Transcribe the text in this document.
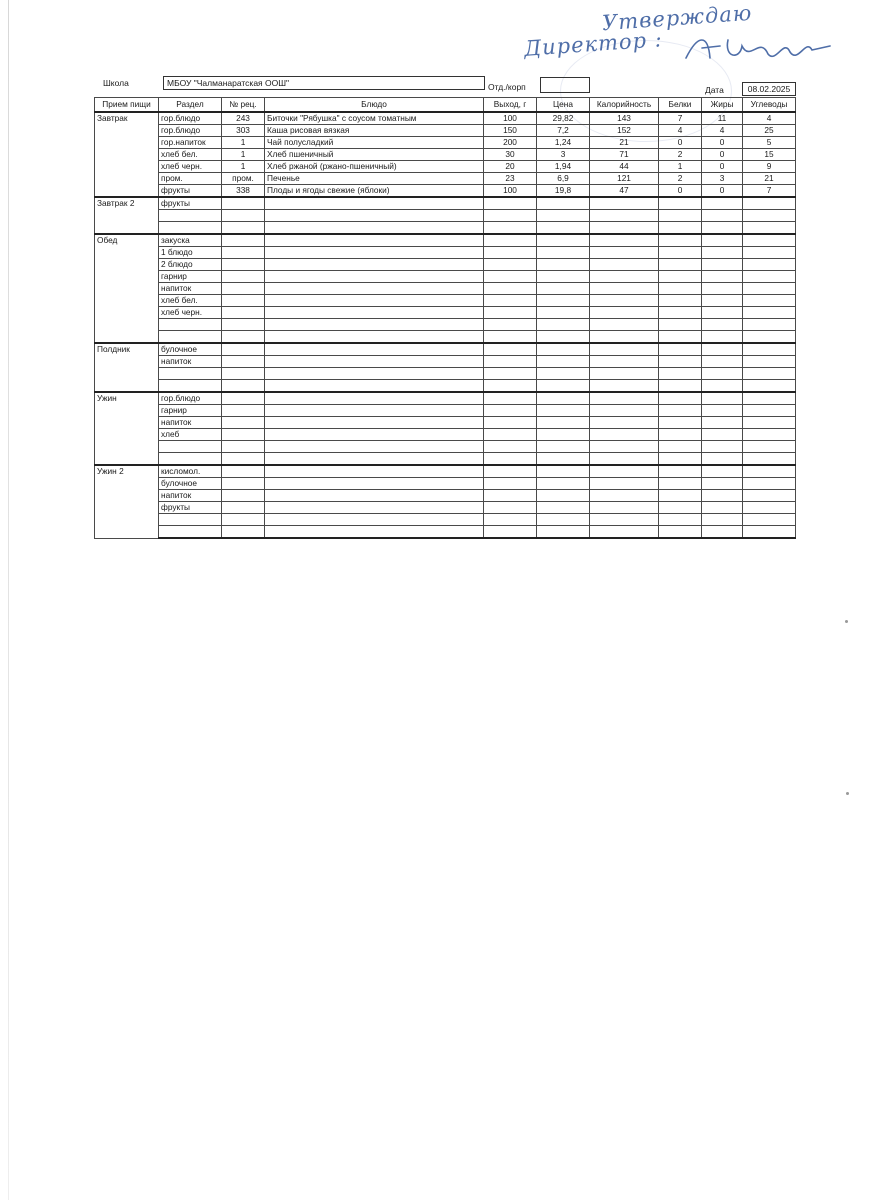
Утверждаю
Директор :
Школа	МБОУ "Чалманаратская ООШ"	Отд./корп	Дата	08.02.2025
Прием пищи	Раздел	№ рец.	Блюдо	Выход, г	Цена	Калорийность	Белки	Жиры	Углеводы
Завтрак	гор.блюдо	243	Биточки "Рябушка" с соусом томатным	100	29,82	143	7	11	4
	гор.блюдо	303	Каша рисовая вязкая	150	7,2	152	4	4	25
	гор.напиток	1	Чай полусладкий	200	1,24	21	0	0	5
	хлеб бел.	1	Хлеб пшеничный	30	3	71	2	0	15
	хлеб черн.	1	Хлеб ржаной (ржано-пшеничный)	20	1,94	44	1	0	9
	пром.	пром.	Печенье	23	6,9	121	2	3	21
	фрукты	338	Плоды и ягоды свежие (яблоки)	100	19,8	47	0	0	7
Завтрак 2	фрукты								

Обед	закуска								
	1 блюдо								
	2 блюдо								
	гарнир								
	напиток								
	хлеб бел.								
	хлеб черн.								

Полдник	булочное								
	напиток								

Ужин	гор.блюдо								
	гарнир								
	напиток								
	хлеб								

Ужин 2	кисломол.								
	булочное								
	напиток								
	фрукты								
